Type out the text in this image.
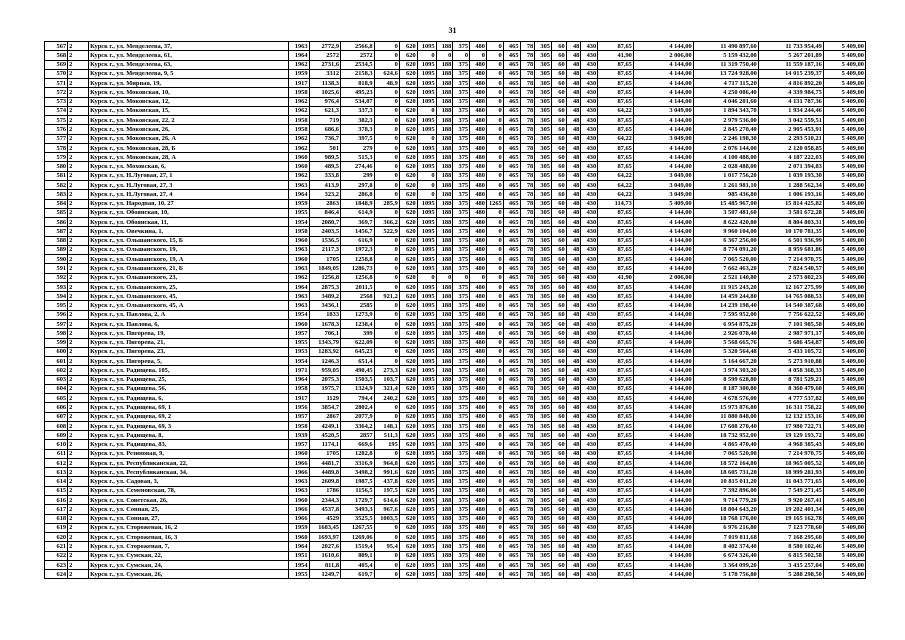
31
567	2	Курск г., ул. Менделеева, 37,	1963	2772,9	2566,8	0	620	1095	188	375	480	0	465	78	305	60	48	430	87,65	4 144,00	11 490 897,60	11 733 954,49	5 409,00
568	2	Курск г., ул. Менделеева, 61,	1964	2572	2572	0	620	0	0	0	0	0	465	78	305	60	48	430	41,90	2 006,00	5 159 432,00	5 267 201,89	5 409,00
569	2	Курск г., ул. Менделеева, 63,	1962	2731,6	2534,5	0	620	1095	188	375	480	0	465	78	305	60	48	430	87,65	4 144,00	11 319 750,40	11 559 187,16	5 409,00
570	2	Курск г., ул. Менделеева, 9, 5	1959	3312	2158,3	624,6	620	1095	188	375	480	0	465	78	305	60	48	430	87,65	4 144,00	13 724 928,00	14 015 239,37	5 409,00
571	2	Курск г., ул. Мирная, 19,	1917	1138,3	818,9	48,9	620	1095	188	375	480	0	465	78	305	60	48	430	87,65	4 144,00	4 717 115,20	4 816 892,20	5 409,00
572	2	Курск г., ул. Моковская, 10,	1958	1025,6	495,23	0	620	1095	188	375	480	0	465	78	305	60	48	430	87,65	4 144,00	4 250 086,40	4 339 984,75	5 409,00
573	2	Курск г., ул. Моковская, 12,	1962	976,4	534,07	0	620	1095	188	375	480	0	465	78	305	60	48	430	87,65	4 144,00	4 046 201,60	4 131 787,36	5 409,00
574	2	Курск г., ул. Моковская, 15,	1962	621,3	337,3	0	620	0	188	375	480	0	465	78	305	60	48	430	64,22	3 049,00	1 894 343,70	1 934 244,46	5 409,00
575	2	Курск г., ул. Моковская, 22, 2	1958	719	382,3	0	620	1095	188	375	480	0	465	78	305	60	48	430	87,65	4 144,00	2 979 536,00	3 042 559,51	5 409,00
576	2	Курск г., ул. Моковская, 26,	1958	686,6	378,3	0	620	1095	188	375	480	0	465	78	305	60	48	430	87,65	4 144,00	2 845 270,40	2 905 453,91	5 409,00
577	2	Курск г., ул. Моковская, 26, А	1962	736,7	397,5	0	620	0	188	375	480	0	465	78	305	60	48	430	64,22	3 049,00	2 246 198,30	2 293 510,21	5 409,00
578	2	Курск г., ул. Моковская, 28, Б	1962	501	279	0	620	1095	188	375	480	0	465	78	305	60	48	430	87,65	4 144,00	2 076 144,00	2 120 058,85	5 409,00
579	2	Курск г., ул. Моковская, 28, А	1960	989,5	515,3	0	620	1095	188	375	480	0	465	78	305	60	48	430	87,65	4 144,00	4 100 488,00	4 187 222,03	5 409,00
580	2	Курск г., ул. Моховская, 6,	1960	489,5	274,46	0	620	1095	188	375	480	0	465	78	305	60	48	430	87,65	4 144,00	2 028 488,00	2 071 394,83	5 409,00
581	2	Курск г., ул. Н.Луговая, 27, 1	1962	333,8	299	0	620	0	188	375	480	0	465	78	305	60	48	430	64,22	3 049,00	1 017 756,20	1 039 193,30	5 409,00
582	2	Курск г., ул. Н.Луговая, 27, 3	1963	413,9	297,8	0	620	0	188	375	480	0	465	78	305	60	48	430	64,22	3 049,00	1 261 981,10	1 288 562,34	5 409,00
583	2	Курск г., ул. Н.Луговая, 27, 4	1964	323,2	286,8	0	620	0	188	375	480	0	465	78	305	60	48	430	64,22	3 049,00	985 436,80	1 006 193,16	5 409,00
584	2	Курск г., ул. Народная, 10, 27	1959	2863	1848,9	285,9	620	1095	188	375	480	1265	465	78	305	60	48	430	114,73	5 409,00	15 485 967,00	15 814 425,82	5 409,00
585	2	Курск г., ул. Обоянская, 10,	1955	846,4	614,9	0	620	1095	188	375	480	0	465	78	305	60	48	430	87,65	4 144,00	3 507 481,60	3 581 672,28	5 409,00
586	2	Курск г., ул. Обоянская, 11,	1954	2080,7	369,7	366,2	620	1095	188	375	480	0	465	78	305	60	48	430	87,65	4 144,00	8 622 420,80	8 804 803,31	5 409,00
587	2	Курск г., ул. Овечкина, 1,	1958	2403,5	1456,7	522,9	620	1095	188	375	480	0	465	78	305	60	48	430	87,65	4 144,00	9 960 104,00	10 170 781,35	5 409,00
588	2	Курск г., ул. Ольшанского, 15, Б	1960	1536,5	616,9	0	620	1095	188	375	480	0	465	78	305	60	48	430	87,65	4 144,00	6 367 256,00	6 501 936,99	5 409,00
589	2	Курск г., ул. Ольшанского, 19,	1963	2117,3	1972,3	0	620	1095	188	375	480	0	465	78	305	60	48	430	87,65	4 144,00	8 774 091,20	8 959 681,86	5 409,00
590	2	Курск г., ул. Ольшанского, 19, А	1960	1705	1258,8	0	620	1095	188	375	480	0	465	78	305	60	48	430	87,65	4 144,00	7 065 520,00	7 214 970,75	5 409,00
591	2	Курск г., ул. Ольшанского, 21, Б	1963	1849,05	1286,73	0	620	1095	188	375	480	0	465	78	305	60	48	430	87,65	4 144,00	7 662 463,20	7 824 540,57	5 409,00
592	2	Курск г., ул. Ольшанского, 23,	1962	1256,8	1256,8	0	620	0	0	0	0	0	465	78	305	60	48	430	41,90	2 006,00	2 521 140,80	2 573 802,23	5 409,00
593	2	Курск г., ул. Ольшанского, 25,	1964	2875,3	2011,5	0	620	1095	188	375	480	0	465	78	305	60	48	430	87,65	4 144,00	11 915 243,20	12 167 275,99	5 409,00
594	2	Курск г., ул. Ольшанского, 45,	1963	3489,2	2568	921,2	620	1095	188	375	480	0	465	78	305	60	48	430	87,65	4 144,00	14 459 244,80	14 765 088,53	5 409,00
595	2	Курск г., ул. Ольшанского, 45, А	1963	3436,1	2585	0	620	1095	188	375	480	0	465	78	305	60	48	430	87,65	4 144,00	14 239 198,40	14 540 387,68	5 409,00
596	2	Курск г., ул. Павлова, 2, А	1954	1833	1273,9	0	620	1095	188	375	480	0	465	78	305	60	48	430	87,65	4 144,00	7 595 952,00	7 756 622,52	5 409,00
597	2	Курск г., ул. Павлова, 6,	1960	1678,3	1238,4	0	620	1095	188	375	480	0	465	78	305	60	48	430	87,65	4 144,00	6 954 875,20	7 101 985,58	5 409,00
598	2	Курск г., ул. Пигорева, 19,	1957	706,1	399	0	620	1095	188	375	480	0	465	78	305	60	48	430	87,65	4 144,00	2 926 078,40	2 987 971,17	5 409,00
599	2	Курск г., ул. Пигорева, 21,	1955	1343,79	622,09	0	620	1095	188	375	480	0	465	78	305	60	48	430	87,65	4 144,00	5 568 665,76	5 686 454,87	5 409,00
600	2	Курск г., ул. Пигорева, 23,	1953	1283,92	645,23	0	620	1095	188	375	480	0	465	78	305	60	48	430	87,65	4 144,00	5 320 564,48	5 433 105,72	5 409,00
601	2	Курск г., ул. Пигорева, 5,	1954	1246,3	651,4	0	620	1095	188	375	480	0	465	78	305	60	48	430	87,65	4 144,00	5 164 667,20	5 273 910,88	5 409,00
602	2	Курск г., ул. Радищева, 105,	1971	959,05	490,45	273,3	620	1095	188	375	480	0	465	78	305	60	48	430	87,65	4 144,00	3 974 303,20	4 058 368,33	5 409,00
603	2	Курск г., ул. Радищева, 25,	1964	2075,3	1503,5	103,7	620	1095	188	375	480	0	465	78	305	60	48	430	87,65	4 144,00	8 599 628,80	8 781 529,21	5 409,00
604	2	Курск г., ул. Радищева, 56,	1958	1975,7	1324,9	321,4	620	1095	188	375	480	0	465	78	305	60	48	430	87,65	4 144,00	8 187 300,80	8 360 479,60	5 409,00
605	2	Курск г., ул. Радищева, 6,	1917	1129	794,4	240,2	620	1095	188	375	480	0	465	78	305	60	48	430	87,65	4 144,00	4 678 576,00	4 777 537,82	5 409,00
606	2	Курск г., ул. Радищева, 69, 1	1956	3854,7	2802,4	0	620	1095	188	375	480	0	465	78	305	60	48	430	87,65	4 144,00	15 973 876,80	16 311 758,22	5 409,00
607	2	Курск г., ул. Радищева, 69, 2	1957	2867	2077,9	0	620	1095	188	375	480	0	465	78	305	60	48	430	87,65	4 144,00	11 880 848,00	12 132 153,16	5 409,00
608	2	Курск г., ул. Радищева, 69, 3	1958	4249,1	3364,2	148,1	620	1095	188	375	480	0	465	78	305	60	48	430	87,65	4 144,00	17 608 270,40	17 980 722,71	5 409,00
609	2	Курск г., ул. Радищева, 8,	1939	4520,5	2857	511,3	620	1095	188	375	480	0	465	78	305	60	48	430	87,65	4 144,00	18 732 952,00	19 129 193,72	5 409,00
610	2	Курск г., ул. Радищева, 83,	1957	1174,1	669,6	195	620	1095	188	375	480	0	465	78	305	60	48	430	87,65	4 144,00	4 865 470,40	4 968 385,43	5 409,00
611	2	Курск г., ул. Резиновая, 9,	1960	1705	1282,8	0	620	1095	188	375	480	0	465	78	305	60	48	430	87,65	4 144,00	7 065 520,00	7 214 970,75	5 409,00
612	2	Курск г., ул. Республиканская, 22,	1966	4481,7	3316,9	964,8	620	1095	188	375	480	0	465	78	305	60	48	430	87,65	4 144,00	18 572 164,80	18 965 005,52	5 409,00
613	2	Курск г., ул. Республиканская, 34,	1966	4489,8	3498,2	991,6	620	1095	188	375	480	0	465	78	305	60	48	430	87,65	4 144,00	18 605 731,20	18 999 281,93	5 409,00
614	2	Курск г., ул. Садовая, 3,	1963	2609,8	1987,5	437,8	620	1095	188	375	480	0	465	78	305	60	48	430	87,65	4 144,00	10 815 011,20	11 043 771,65	5 409,00
615	2	Курск г., ул. Семеновская, 78,	1963	1786	1156,5	197,5	620	1095	188	375	480	0	465	78	305	60	48	430	87,65	4 144,00	7 392 896,00	7 549 271,45	5 409,00
616	2	Курск г., ул. Советская, 26,	1960	2344,3	1729,7	614,6	620	1095	188	375	480	0	465	78	305	60	48	430	87,65	4 144,00	9 714 779,20	9 920 267,41	5 409,00
617	2	Курск г., ул. Сонная, 25,	1966	4537,8	3493,3	967,6	620	1095	188	375	480	0	465	78	305	60	48	430	87,65	4 144,00	18 804 643,20	19 202 401,34	5 409,00
618	2	Курск г., ул. Сонная, 27,	1966	4529	3525,5	1003,5	620	1095	188	375	480	0	465	78	305	60	48	430	87,65	4 144,00	18 768 176,00	19 165 162,78	5 409,00
619	2	Курск г., ул. Стороженая, 16, 2	1959	1683,45	1267,55	0	620	1095	188	375	480	0	465	78	305	60	48	430	87,65	4 144,00	6 976 216,80	7 123 778,60	5 409,00
620	2	Курск г., ул. Стороженая, 16, 3	1960	1693,97	1269,06	0	620	1095	188	375	480	0	465	78	305	60	48	430	87,65	4 144,00	7 019 811,68	7 168 295,60	5 409,00
621	2	Курск г., ул. Стороженая, 7,	1964	2027,6	1519,4	95,4	620	1095	188	375	480	0	465	78	305	60	48	430	87,65	4 144,00	8 402 374,40	8 580 102,46	5 409,00
622	2	Курск г., ул. Сумская, 22,	1951	1610,6	809,1	0	620	1095	188	375	480	0	465	78	305	60	48	430	87,65	4 144,00	6 674 326,40	6 815 502,58	5 409,00
623	2	Курск г., ул. Сумская, 24,	1954	811,8	405,4	0	620	1095	188	375	480	0	465	78	305	60	48	430	87,65	4 144,00	3 364 099,20	3 435 257,04	5 409,00
624	2	Курск г., ул. Сумская, 26,	1955	1249,7	619,7	0	620	1095	188	375	480	0	465	78	305	60	48	430	87,65	4 144,00	5 178 756,80	5 288 298,50	5 409,00
